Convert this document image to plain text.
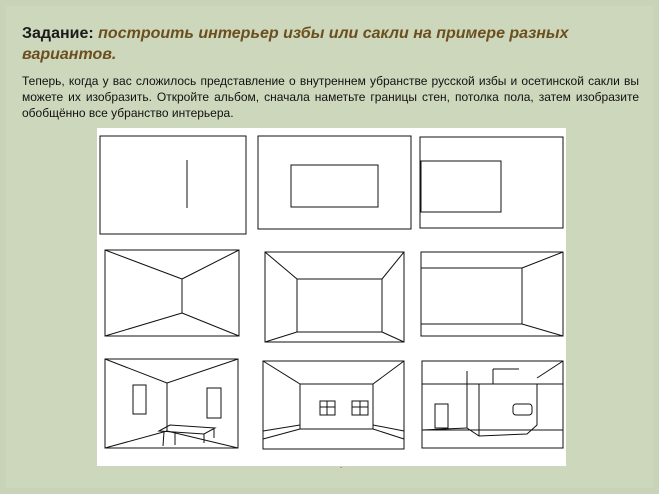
Задание: построить интерьер избы или сакли на примере разных вариантов.
Теперь, когда у вас сложилось представление о внутреннем убранстве русской избы и осетинской сакли вы можете их изобразить. Откройте альбом, сначала наметьте границы стен, потолка пола, затем изобразите обобщённо все убранство интерьера.
.
